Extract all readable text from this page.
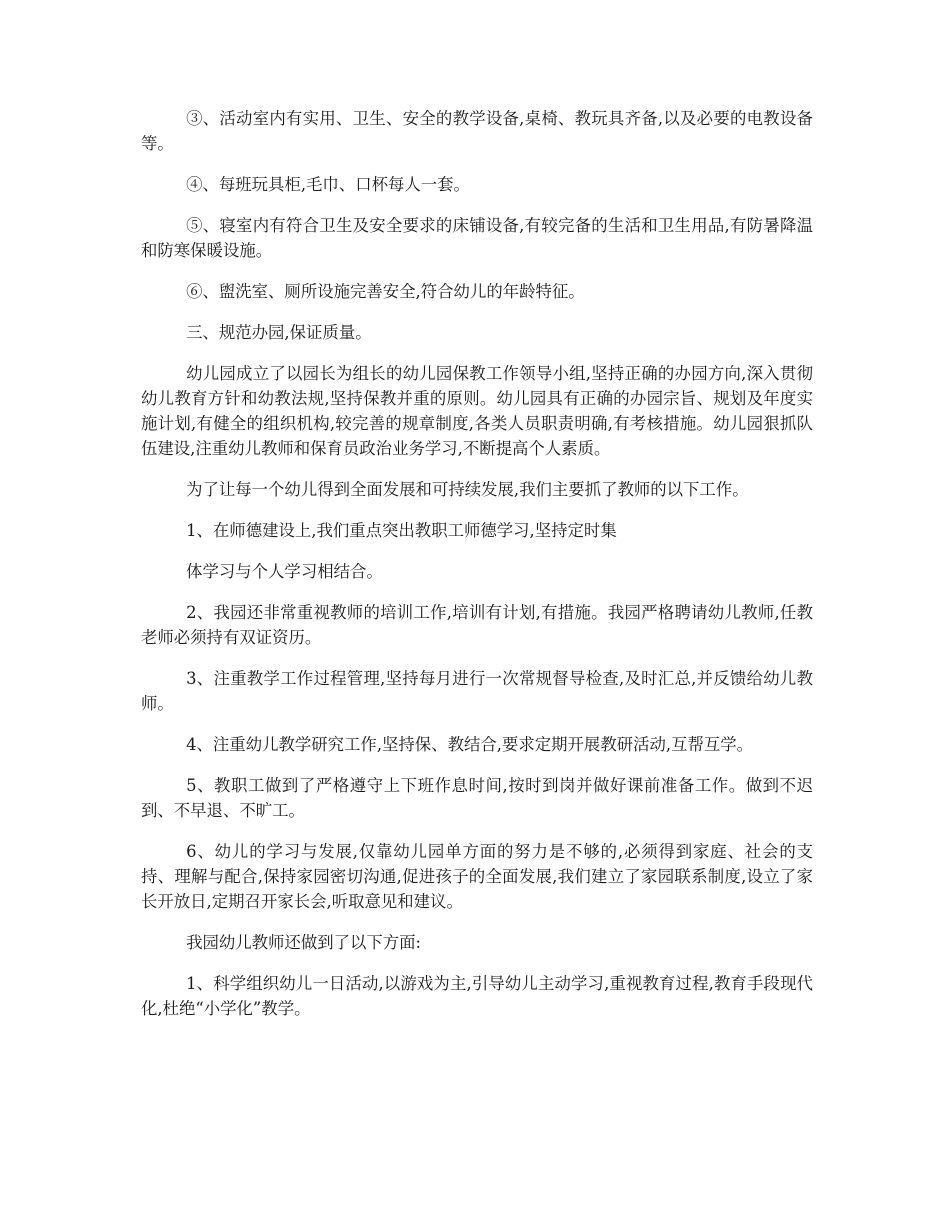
③、活动室内有实用、卫生、安全的教学设备,桌椅、教玩具齐备,以及必要的电教设备等。

④、每班玩具柜,毛巾、口杯每人一套。

⑤、寝室内有符合卫生及安全要求的床铺设备,有较完备的生活和卫生用品,有防暑降温和防寒保暖设施。

⑥、盥洗室、厕所设施完善安全,符合幼儿的年龄特征。

三、规范办园,保证质量。

幼儿园成立了以园长为组长的幼儿园保教工作领导小组,坚持正确的办园方向,深入贯彻幼儿教育方针和幼教法规,坚持保教并重的原则。幼儿园具有正确的办园宗旨、规划及年度实施计划,有健全的组织机构,较完善的规章制度,各类人员职责明确,有考核措施。幼儿园狠抓队伍建设,注重幼儿教师和保育员政治业务学习,不断提高个人素质。

为了让每一个幼儿得到全面发展和可持续发展,我们主要抓了教师的以下工作。

1、在师德建设上,我们重点突出教职工师德学习,坚持定时集

体学习与个人学习相结合。

2、我园还非常重视教师的培训工作,培训有计划,有措施。我园严格聘请幼儿教师,任教老师必须持有双证资历。

3、注重教学工作过程管理,坚持每月进行一次常规督导检查,及时汇总,并反馈给幼儿教师。

4、注重幼儿教学研究工作,坚持保、教结合,要求定期开展教研活动,互帮互学。

5、教职工做到了严格遵守上下班作息时间,按时到岗并做好课前准备工作。做到不迟到、不早退、不旷工。

6、幼儿的学习与发展,仅靠幼儿园单方面的努力是不够的,必须得到家庭、社会的支持、理解与配合,保持家园密切沟通,促进孩子的全面发展,我们建立了家园联系制度,设立了家长开放日,定期召开家长会,听取意见和建议。

我园幼儿教师还做到了以下方面:

1、科学组织幼儿一日活动,以游戏为主,引导幼儿主动学习,重视教育过程,教育手段现代化,杜绝“小学化”教学。
